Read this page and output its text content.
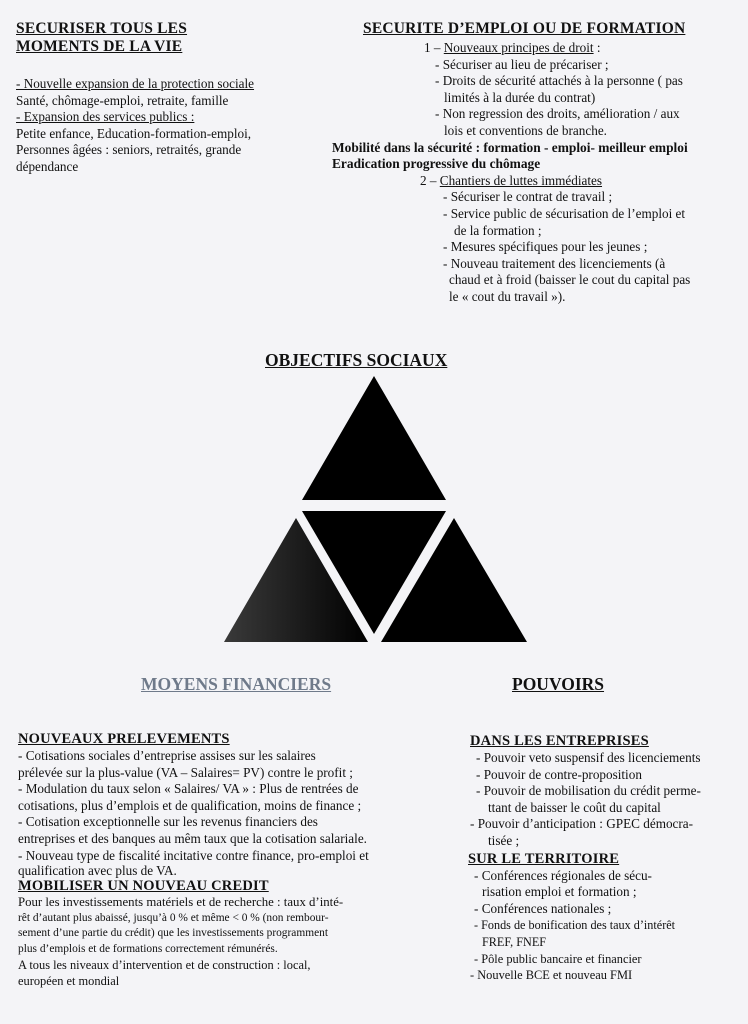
SECURISER TOUS LES
MOMENTS DE LA VIE
- Nouvelle expansion de la protection sociale
Santé, chômage-emploi, retraite, famille
- Expansion des services publics :
Petite enfance, Education-formation-emploi,
Personnes âgées : seniors, retraités, grande
dépendance
SECURITE D’EMPLOI OU DE FORMATION
1 – Nouveaux principes de droit :
- Sécuriser au lieu de précariser ;
- Droits de sécurité attachés à la personne ( pas
limités à la durée du contrat)
- Non regression des droits, amélioration / aux
lois et conventions de branche.
Mobilité dans la sécurité : formation - emploi- meilleur emploi
Eradication progressive du chômage
2 – Chantiers de luttes immédiates
- Sécuriser le contrat de travail ;
- Service public de sécurisation de l’emploi et
de la formation ;
- Mesures spécifiques pour les jeunes ;
- Nouveau traitement des licenciements (à
chaud et à froid (baisser le cout du capital pas
le « cout du travail »).
OBJECTIFS SOCIAUX
MOYENS FINANCIERS	POUVOIRS
NOUVEAUX PRELEVEMENTS
- Cotisations sociales d’entreprise assises sur les salaires
prélevée sur la plus-value (VA – Salaires= PV) contre le profit ;
- Modulation du taux selon « Salaires/ VA » : Plus de rentrées de
cotisations, plus d’emplois et de qualification, moins de finance ;
- Cotisation exceptionnelle sur les revenus financiers des
entreprises et des banques au mêm taux que la cotisation salariale.
- Nouveau type de fiscalité incitative contre finance, pro-emploi et
qualification avec plus de VA.
MOBILISER UN NOUVEAU CREDIT
Pour les investissements matériels et de recherche : taux d’inté-
rêt d’autant plus abaissé, jusqu’à 0 % et même < 0 % (non rembour-
sement d’une partie du crédit) que les investissements programment
plus d’emplois et de formations correctement rémunérés.
A tous les niveaux d’intervention et de construction : local,
européen et mondial
DANS LES ENTREPRISES
- Pouvoir veto suspensif des licenciements
- Pouvoir de contre-proposition
- Pouvoir de mobilisation du crédit perme-
ttant de baisser le coût du capital
- Pouvoir d’anticipation : GPEC démocra-
tisée ;
SUR LE TERRITOIRE
- Conférences régionales de sécu-
risation emploi et formation ;
- Conférences nationales ;
- Fonds de bonification des taux d’intérêt
FREF, FNEF
- Pôle public bancaire et financier
- Nouvelle BCE et nouveau FMI
